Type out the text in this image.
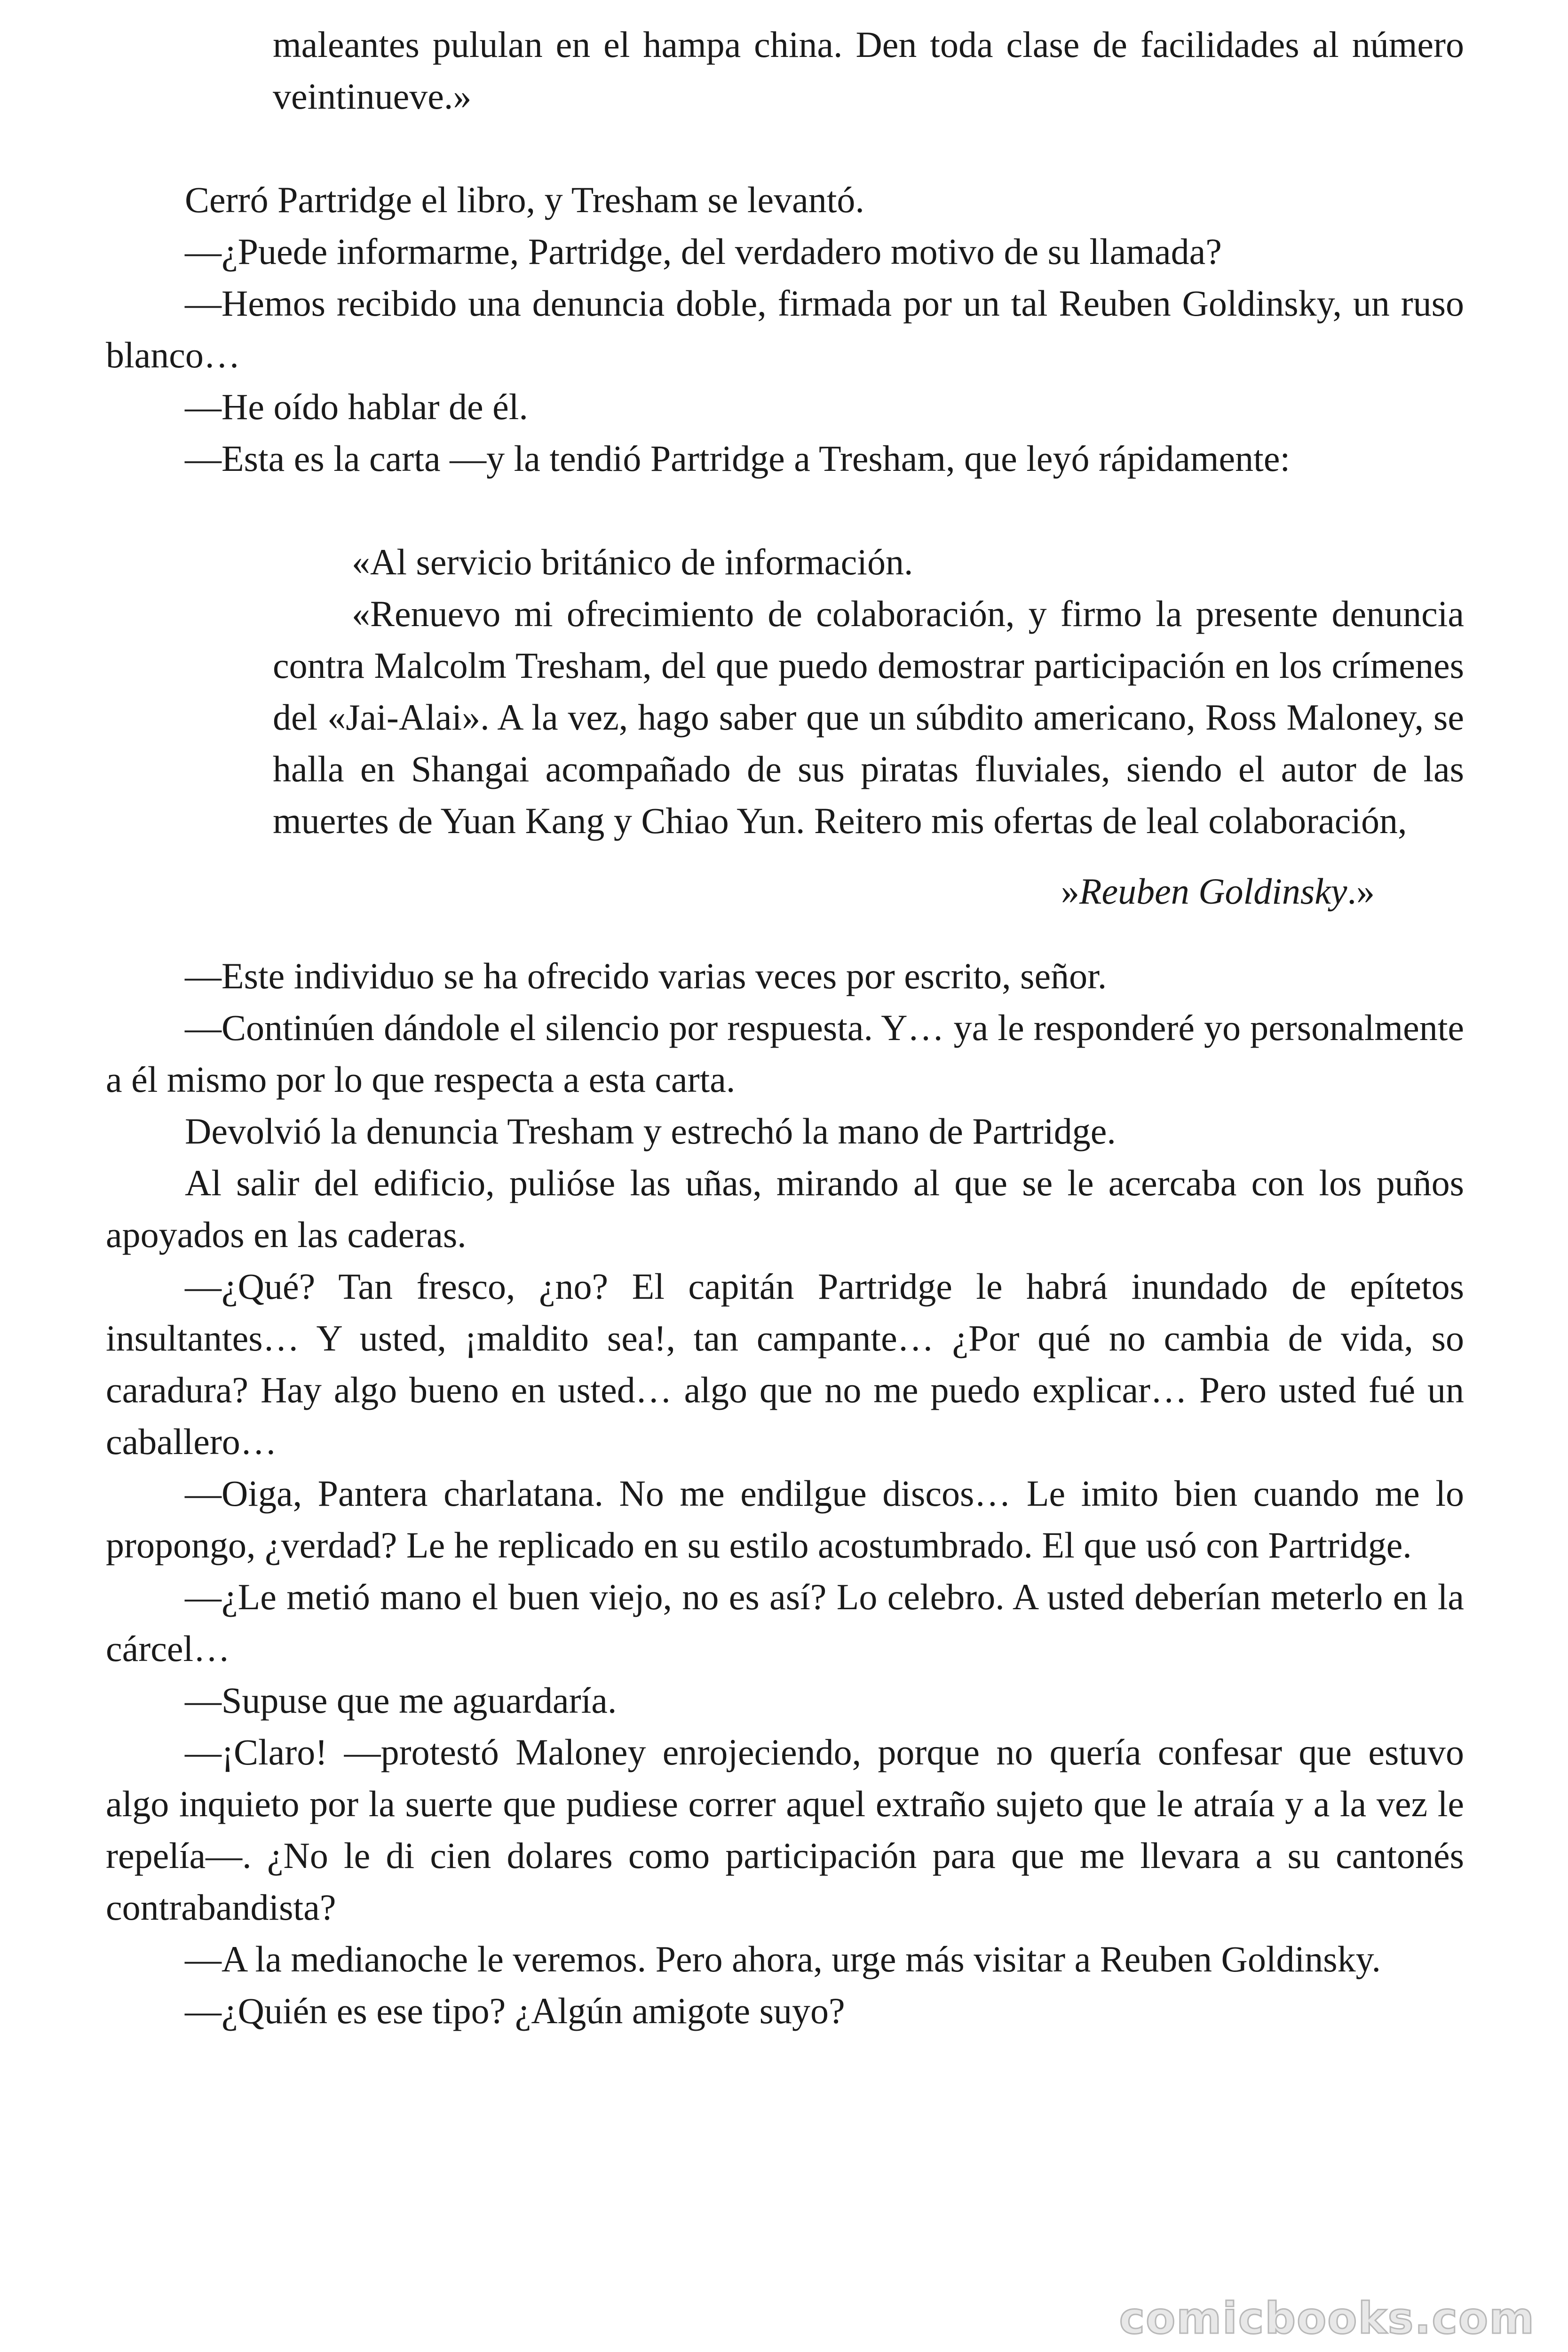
maleantes pululan en el hampa china. Den toda clase de facilidades al número veintinueve.»

Cerró Partridge el libro, y Tresham se levantó.

—¿Puede informarme, Partridge, del verdadero motivo de su llamada?

—Hemos recibido una denuncia doble, firmada por un tal Reuben Goldinsky, un ruso blanco…

—He oído hablar de él.

—Esta es la carta —y la tendió Partridge a Tresham, que leyó rápidamente:

«Al servicio británico de información.

«Renuevo mi ofrecimiento de colaboración, y firmo la presente denuncia contra Malcolm Tresham, del que puedo demostrar participación en los crímenes del «Jai-Alai». A la vez, hago saber que un súbdito americano, Ross Maloney, se halla en Shangai acompañado de sus piratas fluviales, siendo el autor de las muertes de Yuan Kang y Chiao Yun. Reitero mis ofertas de leal colaboración,

»Reuben Goldinsky.»

—Este individuo se ha ofrecido varias veces por escrito, señor.

—Continúen dándole el silencio por respuesta. Y… ya le responderé yo personalmente a él mismo por lo que respecta a esta carta.

Devolvió la denuncia Tresham y estrechó la mano de Partridge.

Al salir del edificio, pulióse las uñas, mirando al que se le acercaba con los puños apoyados en las caderas.

—¿Qué? Tan fresco, ¿no? El capitán Partridge le habrá inundado de epítetos insultantes… Y usted, ¡maldito sea!, tan campante… ¿Por qué no cambia de vida, so caradura? Hay algo bueno en usted… algo que no me puedo explicar… Pero usted fué un caballero…

—Oiga, Pantera charlatana. No me endilgue discos… Le imito bien cuando me lo propongo, ¿verdad? Le he replicado en su estilo acostumbrado. El que usó con Partridge.

—¿Le metió mano el buen viejo, no es así? Lo celebro. A usted deberían meterlo en la cárcel…

—Supuse que me aguardaría.

—¡Claro! —protestó Maloney enrojeciendo, porque no quería confesar que estuvo algo inquieto por la suerte que pudiese correr aquel extraño sujeto que le atraía y a la vez le repelía—. ¿No le di cien dolares como participación para que me llevara a su cantonés contrabandista?

—A la medianoche le veremos. Pero ahora, urge más visitar a Reuben Goldinsky.

—¿Quién es ese tipo? ¿Algún amigote suyo?

comicbooks.com
